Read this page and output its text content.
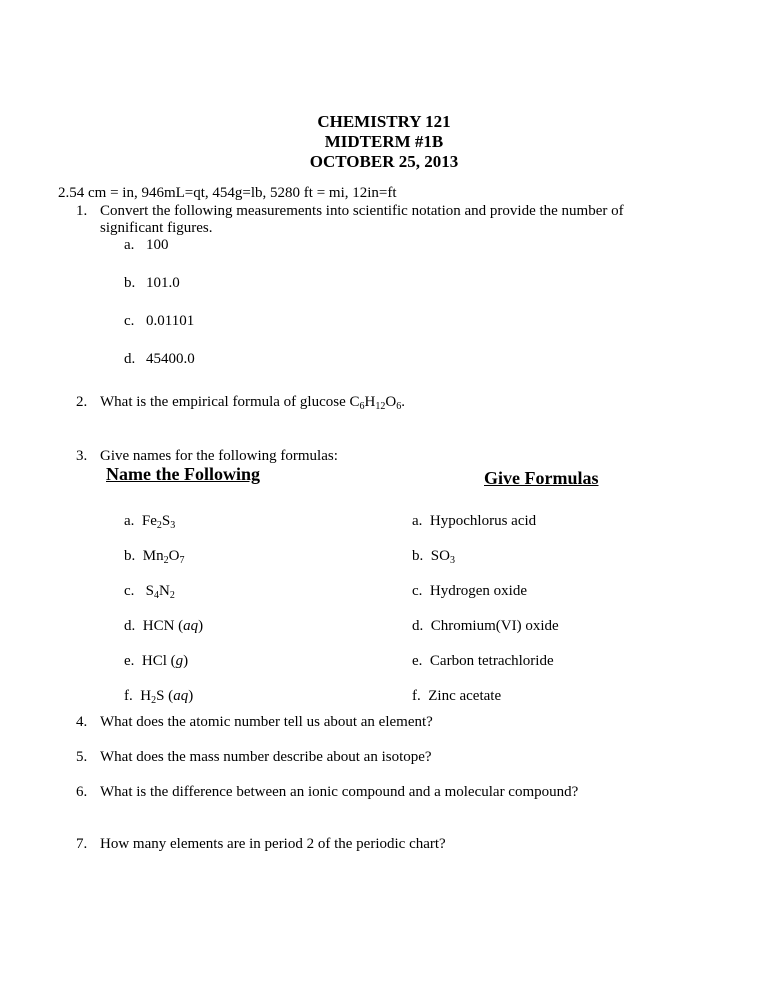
CHEMISTRY 121
MIDTERM #1B
OCTOBER 25, 2013
2.54 cm = in, 946mL=qt, 454g=lb, 5280 ft = mi, 12in=ft
1. Convert the following measurements into scientific notation and provide the number of
significant figures.
a. 100
b. 101.0
c. 0.01101
d. 45400.0
2. What is the empirical formula of glucose $C_6H_{12}O_6$.
3. Give names for the following formulas:
Name the Following	Give Formulas
a. $Fe_2S_3$
b. $Mn_2O_7$
c. $S_4N_2$
d. HCN (aq)
e. HCl (g)
f. $H_2S$ (aq)
a. Hypochlorus acid
b. $SO_3$
c. Hydrogen oxide
d. Chromium(VI) oxide
e. Carbon tetrachloride
f. Zinc acetate
4. What does the atomic number tell us about an element?
5. What does the mass number describe about an isotope?
6. What is the difference between an ionic compound and a molecular compound?
7. How many elements are in period 2 of the periodic chart?
